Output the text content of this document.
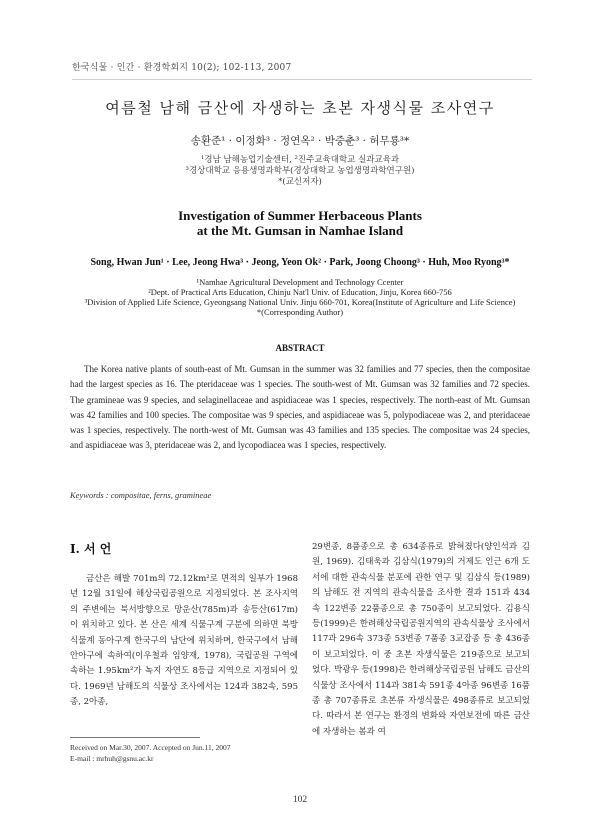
한국식물 · 인간 · 환경학회지 10(2); 102-113, 2007
여름철 남해 금산에 자생하는 초본 자생식물 조사연구
송환준¹ · 이정화³ · 정연옥² · 박중춘³ · 허무룡³*
¹경남 남해농업기술센터, ²진주교육대학교 실과교육과
³경상대학교 응용생명과학부(경상대학교 농업생명과학연구원)
*(교신저자)
Investigation of Summer Herbaceous Plants
at the Mt. Gumsan in Namhae Island
Song, Hwan Jun¹ · Lee, Jeong Hwa³ · Jeong, Yeon Ok² · Park, Joong Choong³ · Huh, Moo Ryong³*
¹Namhae Agricultural Development and Technology Ccenter
²Dept. of Practical Arts Education, Chinju Nat'l Univ. of Education, Jinju, Korea 660-756
³Division of Applied Life Science, Gyeongsang National Univ. Jinju 660-701, Korea(Institute of Agriculture and Life Science)
*(Corresponding Author)
ABSTRACT
The Korea native plants of south-east of Mt. Gumsan in the summer was 32 families and 77 species, then the compositae had the largest species as 16. The pteridaceae was 1 species. The south-west of Mt. Gumsan was 32 families and 72 species. The gramineae was 9 species, and selaginellaceae and aspidiaceae was 1 species, respectively. The north-east of Mt. Gumsan was 42 families and 100 species. The compositae was 9 species, and aspidiaceae was 5, polypodiaceae was 2, and pteridaceae was 1 species, respectively. The north-west of Mt. Gumsan was 43 families and 135 species. The compositae was 24 species, and aspidiaceae was 3, pteridaceae was 2, and lycopodiacea was 1 species, respectively.
Keywords : compositae, ferns, gramineae
I. 서 언

금산은 해발 701m의 72.12km²로 면적의 일부가 1968년 12월 31일에 해상국립공원으로 지정되었다. 본 조사지역의 주변에는 북서방향으로 망운산(785m)과 송등산(617m)이 위치하고 있다. 본 산은 세계 식물구계 구분에 의하면 북방식물계 동아구계 한국구의 남단에 위치하며, 한국구에서 남해안아구에 속하여(이우철과 임양재, 1978), 국립공원 구역에 속하는 1.95km²가 녹지 자연도 8등급 지역으로 지정되어 있다. 1969년 남해도의 식물상 조사에서는 124과 382속, 595종, 2아종,

29변종, 8품종으로 총 634종류로 밝혀졌다(양인석과 김원, 1969). 김태욱과 김삼식(1979)의 거제도 인근 6개 도서에 대한 관속식물 분포에 관한 연구 및 김삼식 등(1989)의 남해도 전 지역의 관속식물을 조사한 결과 151과 434속 122변종 22품종으로 총 750종이 보고되었다. 김용식 등(1999)은 한려해상국립공원지역의 관속식물상 조사에서 117과 296속 373종 53변종 7품종 3교잡종 등 총 436종이 보고되었다. 이 중 초본 자생식물은 219종으로 보고되었다. 박광우 등(1998)은 한려해상국립공원 남해도 금산의 식물상 조사에서 114과 381속 591종 4아종 96변종 16품종 총 707종류로 초본류 자생식물은 498종류로 보고되었다. 따라서 본 연구는 환경의 변화와 자연보전에 따른 금산에 자생하는 봄과 여

Received on Mar.30, 2007. Accepted on Jun.11, 2007
E-mail : mrhuh@gsnu.ac.kr
102
